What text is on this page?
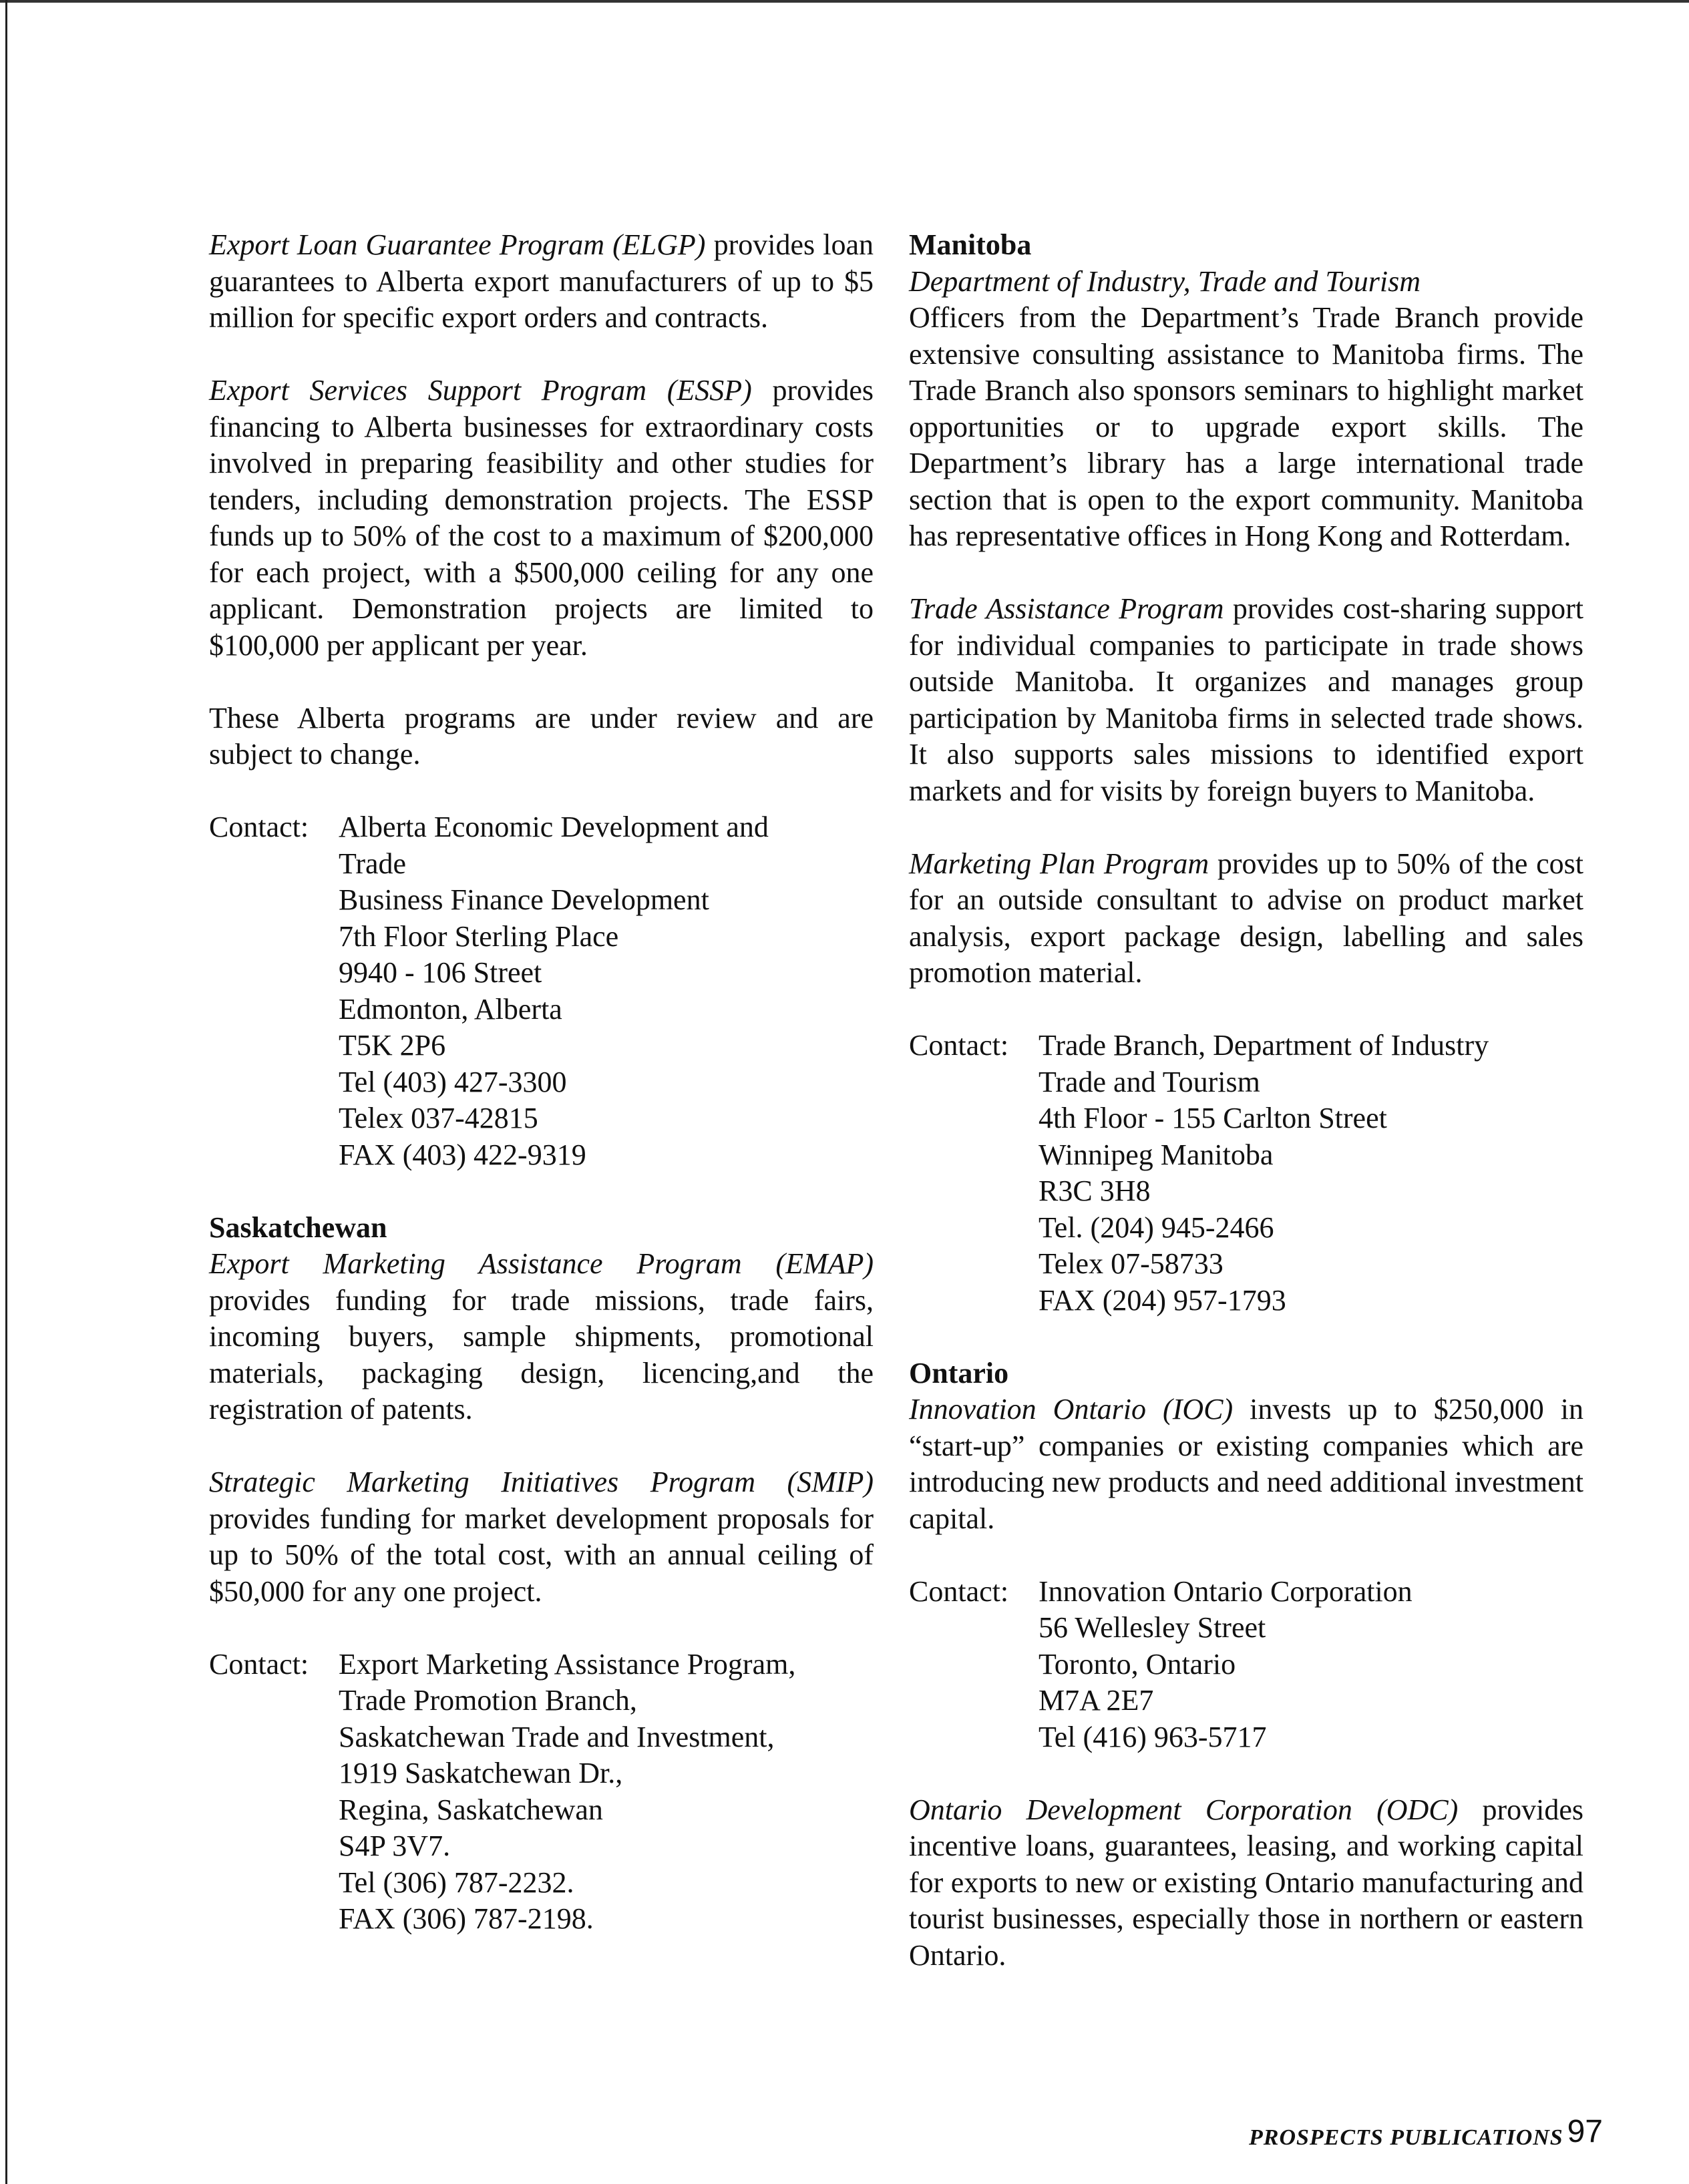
Export Loan Guarantee Program (ELGP) provides loan guarantees to Alberta export manufacturers of up to $5 million for specific export orders and contracts.

Export Services Support Program (ESSP) provides financing to Alberta businesses for extraordinary costs involved in preparing feasibility and other studies for tenders, including demonstration projects. The ESSP funds up to 50% of the cost to a maximum of $200,000 for each project, with a $500,000 ceiling for any one applicant. Demonstration projects are limited to $100,000 per applicant per year.

These Alberta programs are under review and are subject to change.

Contact:	Alberta Economic Development and
Trade
Business Finance Development
7th Floor Sterling Place
9940 - 106 Street
Edmonton, Alberta
T5K 2P6
Tel (403) 427-3300
Telex 037-42815
FAX (403) 422-9319

Saskatchewan

Export Marketing Assistance Program (EMAP) provides funding for trade missions, trade fairs, incoming buyers, sample shipments, promotional materials, packaging design, licencing,and the registration of patents.

Strategic Marketing Initiatives Program (SMIP) provides funding for market development proposals for up to 50% of the total cost, with an annual ceiling of $50,000 for any one project.

Contact:	Export Marketing Assistance Program,
Trade Promotion Branch,
Saskatchewan Trade and Investment,
1919 Saskatchewan Dr.,
Regina, Saskatchewan
S4P 3V7.
Tel (306) 787-2232.
FAX (306) 787-2198.

Manitoba

Department of Industry, Trade and Tourism

Officers from the Department’s Trade Branch provide extensive consulting assistance to Manitoba firms. The Trade Branch also sponsors seminars to highlight market opportunities or to upgrade export skills. The Department’s library has a large international trade section that is open to the export community. Manitoba has representative offices in Hong Kong and Rotterdam.

Trade Assistance Program provides cost-sharing support for individual companies to participate in trade shows outside Manitoba. It organizes and manages group participation by Manitoba firms in selected trade shows. It also supports sales missions to identified export markets and for visits by foreign buyers to Manitoba.

Marketing Plan Program provides up to 50% of the cost for an outside consultant to advise on product market analysis, export package design, labelling and sales promotion material.

Contact:	Trade Branch, Department of Industry
Trade and Tourism
4th Floor - 155 Carlton Street
Winnipeg Manitoba
R3C 3H8
Tel. (204) 945-2466
Telex 07-58733
FAX (204) 957-1793

Ontario

Innovation Ontario (IOC) invests up to $250,000 in “start-up” companies or existing companies which are introducing new products and need additional investment capital.

Contact:	Innovation Ontario Corporation
56 Wellesley Street
Toronto, Ontario
M7A 2E7
Tel (416) 963-5717

Ontario Development Corporation (ODC) provides incentive loans, guarantees, leasing, and working capital for exports to new or existing Ontario manufacturing and tourist businesses, especially those in northern or eastern Ontario.

PROSPECTS PUBLICATIONS 97
